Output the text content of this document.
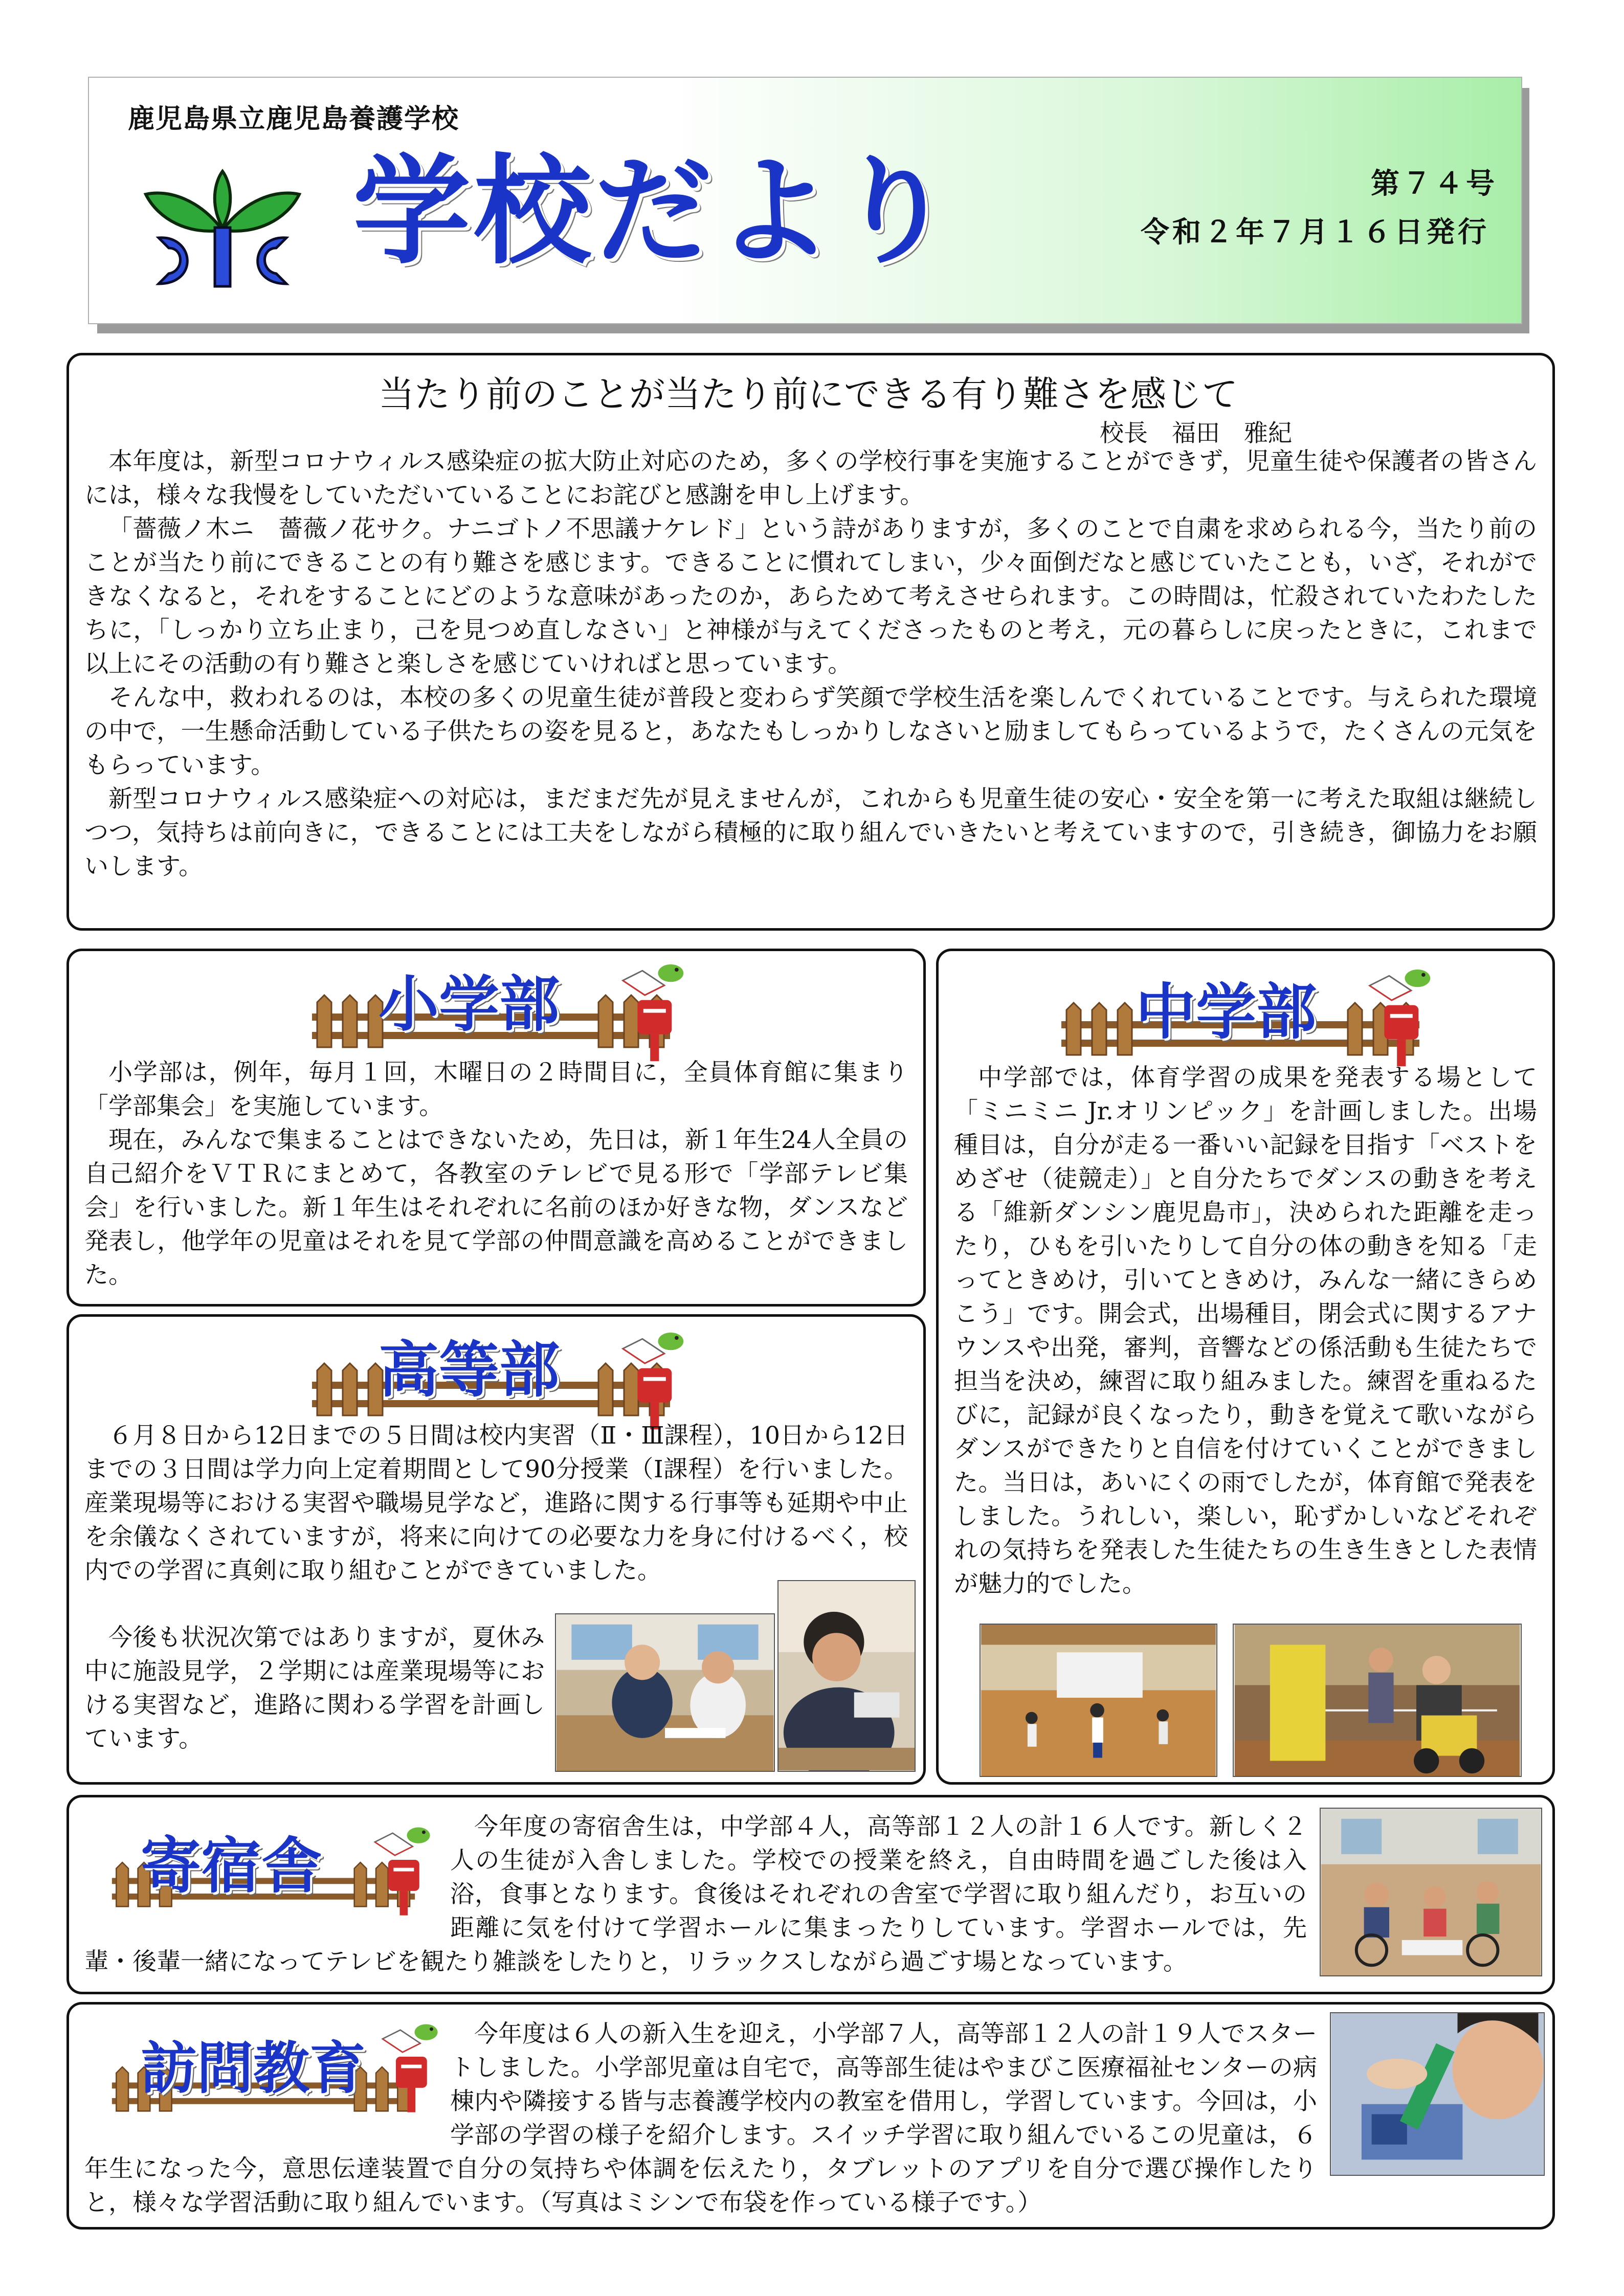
鹿児島県立鹿児島養護学校
学校だより	第７４号
令和２年７月１６日発行
当たり前のことが当たり前にできる有り難さを感じて
校長　福田　雅紀

本年度は，新型コロナウィルス感染症の拡大防止対応のため，多くの学校行事を実施することができず，児童生徒や保護者の皆さんには，様々な我慢をしていただいていることにお詫びと感謝を申し上げます。

「薔薇ノ木ニ　薔薇ノ花サク。ナニゴトノ不思議ナケレド」という詩がありますが，多くのことで自粛を求められる今，当たり前のことが当たり前にできることの有り難さを感じます。できることに慣れてしまい，少々面倒だなと感じていたことも，いざ，それができなくなると，それをすることにどのような意味があったのか，あらためて考えさせられます。この時間は，忙殺されていたわたしたちに，「しっかり立ち止まり，己を見つめ直しなさい」と神様が与えてくださったものと考え，元の暮らしに戻ったときに，これまで以上にその活動の有り難さと楽しさを感じていければと思っています。

そんな中，救われるのは，本校の多くの児童生徒が普段と変わらず笑顔で学校生活を楽しんでくれていることです。与えられた環境の中で，一生懸命活動している子供たちの姿を見ると，あなたもしっかりしなさいと励ましてもらっているようで，たくさんの元気をもらっています。

新型コロナウィルス感染症への対応は，まだまだ先が見えませんが，これからも児童生徒の安心・安全を第一に考えた取組は継続しつつ，気持ちは前向きに，できることには工夫をしながら積極的に取り組んでいきたいと考えていますので，引き続き，御協力をお願いします。

小学部

小学部は，例年，毎月１回，木曜日の２時間目に，全員体育館に集まり「学部集会」を実施しています。

現在，みんなで集まることはできないため，先日は，新１年生24人全員の自己紹介をＶＴＲにまとめて，各教室のテレビで見る形で「学部テレビ集会」を行いました。新１年生はそれぞれに名前のほか好きな物，ダンスなど発表し，他学年の児童はそれを見て学部の仲間意識を高めることができました。

高等部

６月８日から12日までの５日間は校内実習（Ⅱ・Ⅲ課程），10日から12日までの３日間は学力向上定着期間として90分授業（Ⅰ課程）を行いました。産業現場等における実習や職場見学など，進路に関する行事等も延期や中止を余儀なくされていますが，将来に向けての必要な力を身に付けるべく，校内での学習に真剣に取り組むことができていました。

今後も状況次第ではありますが，夏休み中に施設見学，２学期には産業現場等における実習など，進路に関わる学習を計画しています。

中学部

中学部では，体育学習の成果を発表する場として「ミニミニ Jr.オリンピック」を計画しました。出場種目は，自分が走る一番いい記録を目指す「ベストをめざせ（徒競走）」と自分たちでダンスの動きを考える「維新ダンシン鹿児島市」，決められた距離を走ったり，ひもを引いたりして自分の体の動きを知る「走ってときめけ，引いてときめけ，みんな一緒にきらめこう」です。開会式，出場種目，閉会式に関するアナウンスや出発，審判，音響などの係活動も生徒たちで担当を決め，練習に取り組みました。練習を重ねるたびに，記録が良くなったり，動きを覚えて歌いながらダンスができたりと自信を付けていくことができました。当日は，あいにくの雨でしたが，体育館で発表をしました。うれしい，楽しい，恥ずかしいなどそれぞれの気持ちを発表した生徒たちの生き生きとした表情が魅力的でした。

寄宿舎

今年度の寄宿舎生は，中学部４人，高等部１２人の計１６人です。新しく２人の生徒が入舎しました。学校での授業を終え，自由時間を過ごした後は入浴，食事となります。食後はそれぞれの舎室で学習に取り組んだり，お互いの距離に気を付けて学習ホールに集まったりしています。学習ホールでは，先輩・後輩一緒になってテレビを観たり雑談をしたりと，リラックスしながら過ごす場となっています。

訪問教育

今年度は６人の新入生を迎え，小学部７人，高等部１２人の計１９人でスタートしました。小学部児童は自宅で，高等部生徒はやまびこ医療福祉センターの病棟内や隣接する皆与志養護学校内の教室を借用し，学習しています。今回は，小学部の学習の様子を紹介します。スイッチ学習に取り組んでいるこの児童は，６年生になった今，意思伝達装置で自分の気持ちや体調を伝えたり，タブレットのアプリを自分で選び操作したりと，様々な学習活動に取り組んでいます。（写真はミシンで布袋を作っている様子です。）
